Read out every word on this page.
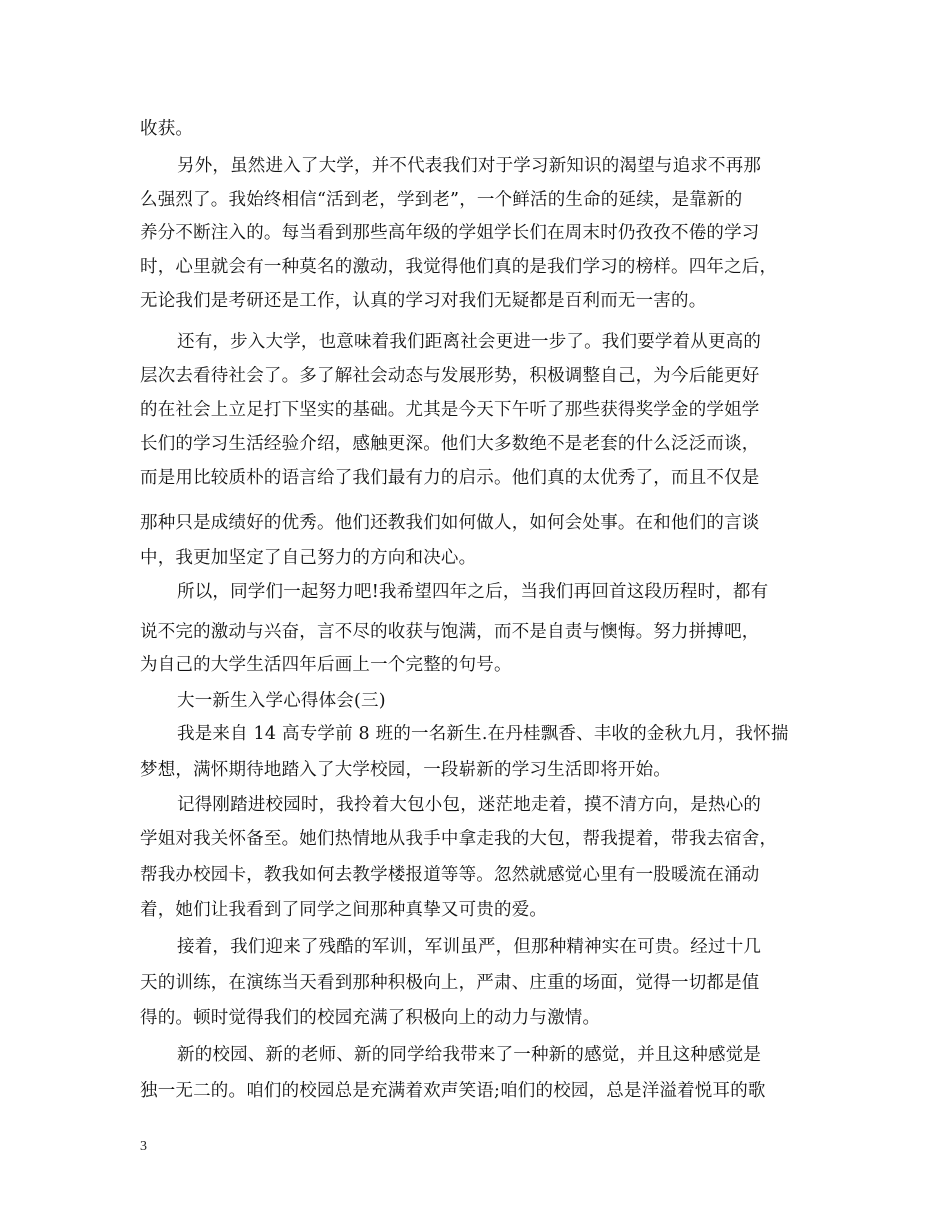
收获。
另外，虽然进入了大学，并不代表我们对于学习新知识的渴望与追求不再那
么强烈了。我始终相信“活到老，学到老”，一个鲜活的生命的延续，是靠新的
养分不断注入的。每当看到那些高年级的学姐学长们在周末时仍孜孜不倦的学习
时，心里就会有一种莫名的激动，我觉得他们真的是我们学习的榜样。四年之后，
无论我们是考研还是工作，认真的学习对我们无疑都是百利而无一害的。
还有，步入大学，也意味着我们距离社会更进一步了。我们要学着从更高的
层次去看待社会了。多了解社会动态与发展形势，积极调整自己，为今后能更好
的在社会上立足打下坚实的基础。尤其是今天下午听了那些获得奖学金的学姐学
长们的学习生活经验介绍，感触更深。他们大多数绝不是老套的什么泛泛而谈，
而是用比较质朴的语言给了我们最有力的启示。他们真的太优秀了，而且不仅是
那种只是成绩好的优秀。他们还教我们如何做人，如何会处事。在和他们的言谈
中，我更加坚定了自己努力的方向和决心。
所以，同学们一起努力吧!我希望四年之后，当我们再回首这段历程时，都有
说不完的激动与兴奋，言不尽的收获与饱满，而不是自责与懊悔。努力拼搏吧，
为自己的大学生活四年后画上一个完整的句号。
大一新生入学心得体会(三)
我是来自 14 高专学前 8 班的一名新生.在丹桂飘香、丰收的金秋九月，我怀揣
梦想，满怀期待地踏入了大学校园，一段崭新的学习生活即将开始。
记得刚踏进校园时，我拎着大包小包，迷茫地走着，摸不清方向，是热心的
学姐对我关怀备至。她们热情地从我手中拿走我的大包，帮我提着，带我去宿舍，
帮我办校园卡，教我如何去教学楼报道等等。忽然就感觉心里有一股暖流在涌动
着，她们让我看到了同学之间那种真挚又可贵的爱。
接着，我们迎来了残酷的军训，军训虽严，但那种精神实在可贵。经过十几
天的训练，在演练当天看到那种积极向上，严肃、庄重的场面，觉得一切都是值
得的。顿时觉得我们的校园充满了积极向上的动力与激情。
新的校园、新的老师、新的同学给我带来了一种新的感觉，并且这种感觉是
独一无二的。咱们的校园总是充满着欢声笑语;咱们的校园，总是洋溢着悦耳的歌
3
